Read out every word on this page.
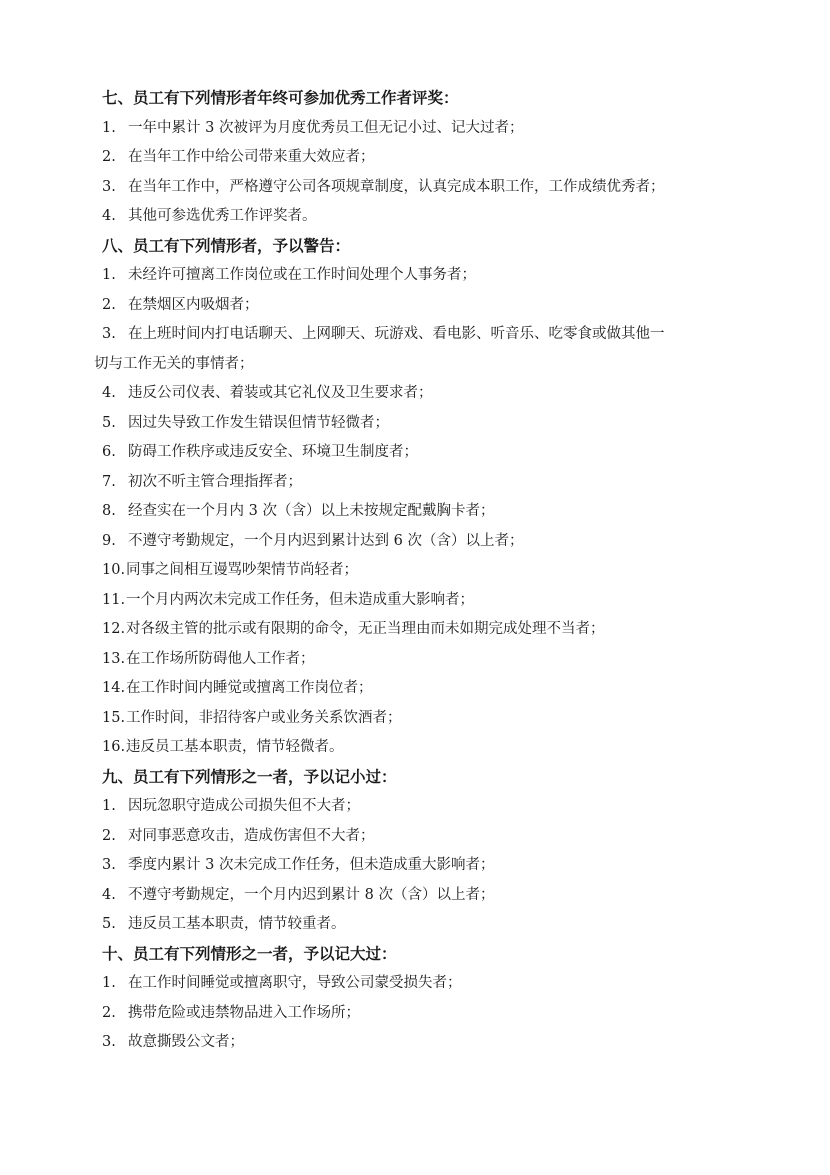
七、员工有下列情形者年终可参加优秀工作者评奖：
1. 一年中累计 3 次被评为月度优秀员工但无记小过、记大过者；
2. 在当年工作中给公司带来重大效应者；
3. 在当年工作中，严格遵守公司各项规章制度，认真完成本职工作，工作成绩优秀者；
4. 其他可参选优秀工作评奖者。
八、员工有下列情形者，予以警告：
1. 未经许可擅离工作岗位或在工作时间处理个人事务者；
2. 在禁烟区内吸烟者；
3. 在上班时间内打电话聊天、上网聊天、玩游戏、看电影、听音乐、吃零食或做其他一
切与工作无关的事情者；
4. 违反公司仪表、着装或其它礼仪及卫生要求者；
5. 因过失导致工作发生错误但情节轻微者；
6. 防碍工作秩序或违反安全、环境卫生制度者；
7. 初次不听主管合理指挥者；
8. 经查实在一个月内 3 次（含）以上未按规定配戴胸卡者；
9. 不遵守考勤规定，一个月内迟到累计达到 6 次（含）以上者；
10. 同事之间相互谩骂吵架情节尚轻者；
11. 一个月内两次未完成工作任务，但未造成重大影响者；
12. 对各级主管的批示或有限期的命令，无正当理由而未如期完成处理不当者；
13. 在工作场所防碍他人工作者；
14. 在工作时间内睡觉或擅离工作岗位者；
15. 工作时间，非招待客户或业务关系饮酒者；
16. 违反员工基本职责，情节轻微者。
九、员工有下列情形之一者，予以记小过：
1. 因玩忽职守造成公司损失但不大者；
2. 对同事恶意攻击，造成伤害但不大者；
3. 季度内累计 3 次未完成工作任务，但未造成重大影响者；
4. 不遵守考勤规定，一个月内迟到累计 8 次（含）以上者；
5. 违反员工基本职责，情节较重者。
十、员工有下列情形之一者，予以记大过：
1. 在工作时间睡觉或擅离职守，导致公司蒙受损失者；
2. 携带危险或违禁物品进入工作场所；
3. 故意撕毁公文者；
